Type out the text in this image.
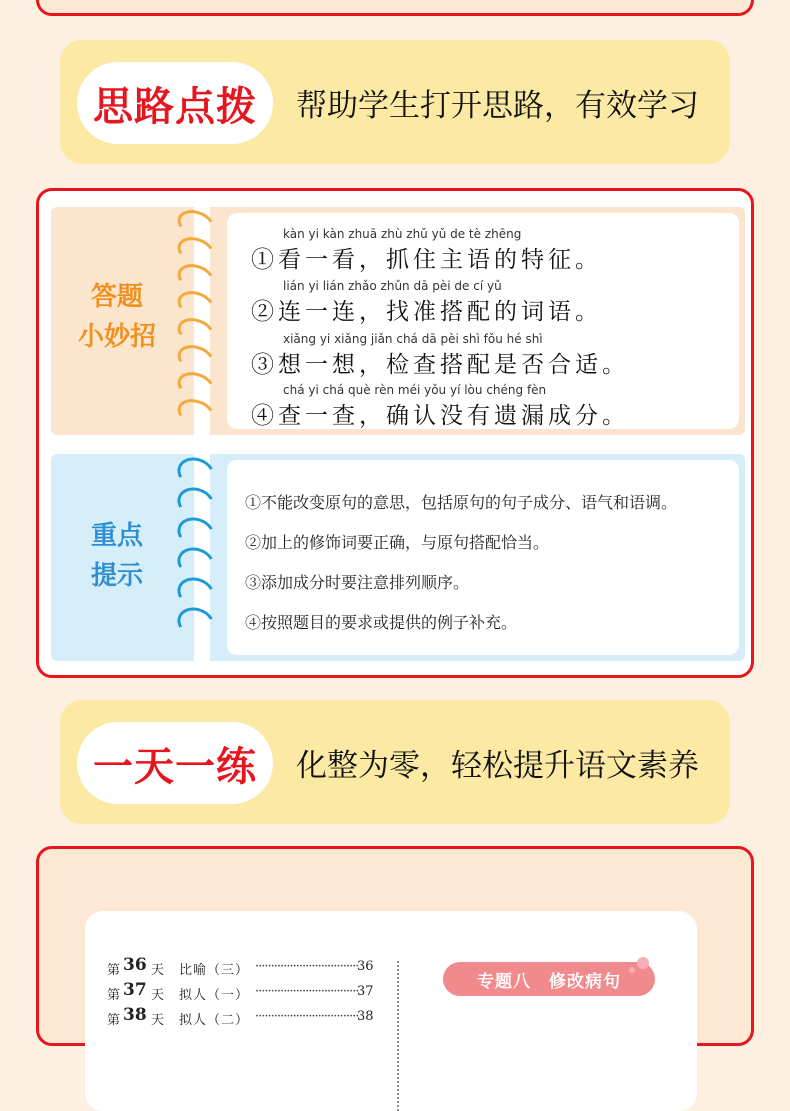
思路点拨	帮助学生打开思路，有效学习
答题
小妙招
kàn yi kàn zhuā zhù zhǔ yǔ de tè zhēng
①看一看，抓住主语的特征。
lián yi lián zhǎo zhǔn dā pèi de cí yǔ
②连一连，找准搭配的词语。
xiǎng yi xiǎng jiǎn chá dā pèi shì fǒu hé shì
③想一想，检查搭配是否合适。
chá yi chá què rèn méi yǒu yí lòu chéng fèn
④查一查，确认没有遗漏成分。
重点
提示
①不能改变原句的意思，包括原句的句子成分、语气和语调。
②加上的修饰词要正确，与原句搭配恰当。
③添加成分时要注意排列顺序。
④按照题目的要求或提供的例子补充。
一天一练	化整为零，轻松提升语文素养
第 36 天 比喻（三） ·································
36
第 37 天 拟人（一） ·································
37
第 38 天 拟人（二） ·································
38
专题八　修改病句
